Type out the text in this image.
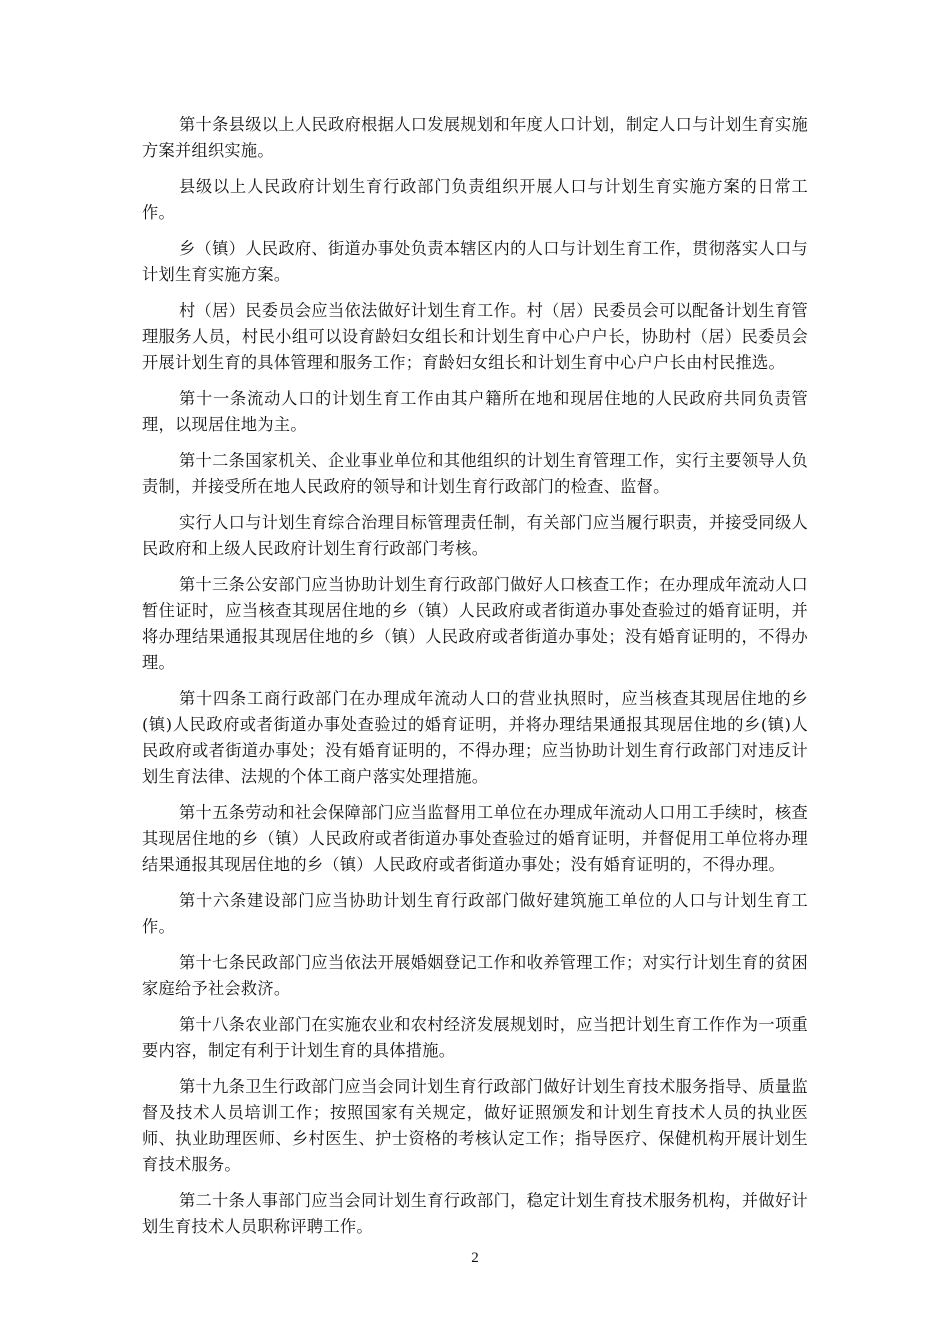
第十条县级以上人民政府根据人口发展规划和年度人口计划，制定人口与计划生育实施方案并组织实施。

县级以上人民政府计划生育行政部门负责组织开展人口与计划生育实施方案的日常工作。

乡（镇）人民政府、街道办事处负责本辖区内的人口与计划生育工作，贯彻落实人口与计划生育实施方案。

村（居）民委员会应当依法做好计划生育工作。村（居）民委员会可以配备计划生育管理服务人员，村民小组可以设育龄妇女组长和计划生育中心户户长，协助村（居）民委员会开展计划生育的具体管理和服务工作；育龄妇女组长和计划生育中心户户长由村民推选。

第十一条流动人口的计划生育工作由其户籍所在地和现居住地的人民政府共同负责管理，以现居住地为主。

第十二条国家机关、企业事业单位和其他组织的计划生育管理工作，实行主要领导人负责制，并接受所在地人民政府的领导和计划生育行政部门的检查、监督。

实行人口与计划生育综合治理目标管理责任制，有关部门应当履行职责，并接受同级人民政府和上级人民政府计划生育行政部门考核。

第十三条公安部门应当协助计划生育行政部门做好人口核查工作；在办理成年流动人口暂住证时，应当核查其现居住地的乡（镇）人民政府或者街道办事处查验过的婚育证明，并将办理结果通报其现居住地的乡（镇）人民政府或者街道办事处；没有婚育证明的，不得办理。

第十四条工商行政部门在办理成年流动人口的营业执照时，应当核查其现居住地的乡(镇)人民政府或者街道办事处查验过的婚育证明，并将办理结果通报其现居住地的乡(镇)人民政府或者街道办事处；没有婚育证明的，不得办理；应当协助计划生育行政部门对违反计划生育法律、法规的个体工商户落实处理措施。

第十五条劳动和社会保障部门应当监督用工单位在办理成年流动人口用工手续时，核查其现居住地的乡（镇）人民政府或者街道办事处查验过的婚育证明，并督促用工单位将办理结果通报其现居住地的乡（镇）人民政府或者街道办事处；没有婚育证明的，不得办理。

第十六条建设部门应当协助计划生育行政部门做好建筑施工单位的人口与计划生育工作。

第十七条民政部门应当依法开展婚姻登记工作和收养管理工作；对实行计划生育的贫困家庭给予社会救济。

第十八条农业部门在实施农业和农村经济发展规划时，应当把计划生育工作作为一项重要内容，制定有利于计划生育的具体措施。

第十九条卫生行政部门应当会同计划生育行政部门做好计划生育技术服务指导、质量监督及技术人员培训工作；按照国家有关规定，做好证照颁发和计划生育技术人员的执业医师、执业助理医师、乡村医生、护士资格的考核认定工作；指导医疗、保健机构开展计划生育技术服务。

第二十条人事部门应当会同计划生育行政部门，稳定计划生育技术服务机构，并做好计划生育技术人员职称评聘工作。

2
